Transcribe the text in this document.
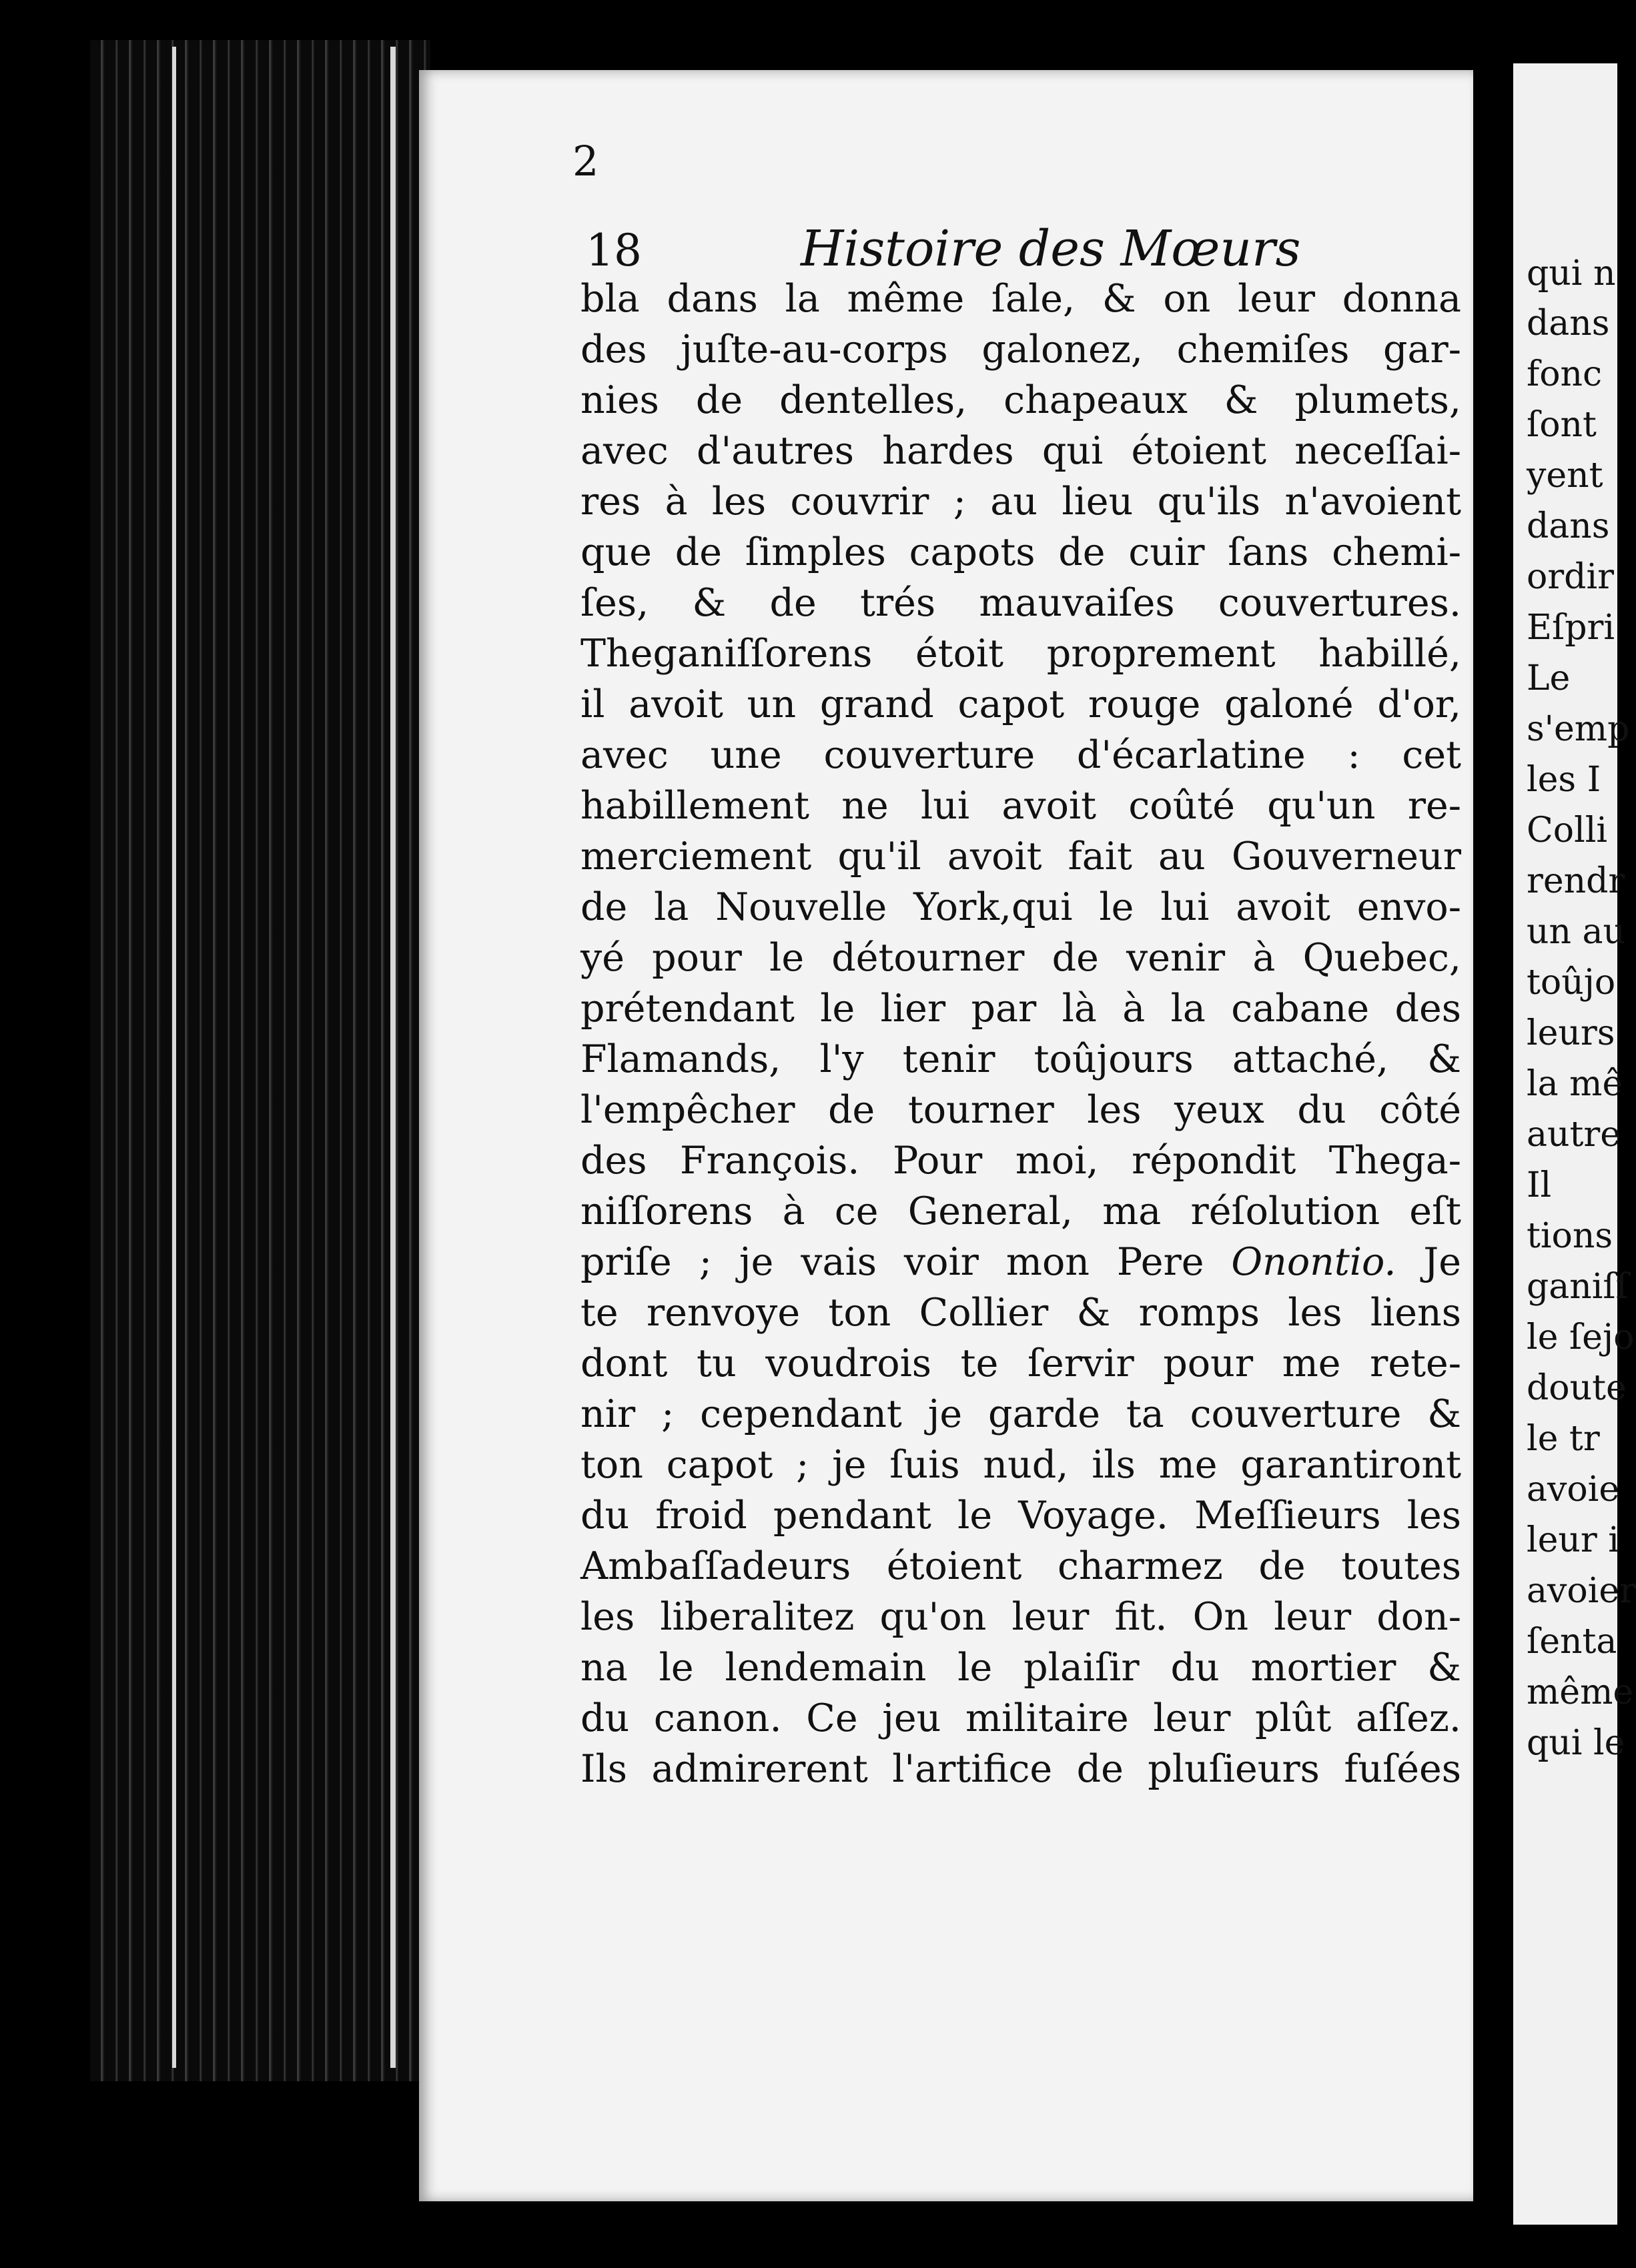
2
18	Histoire des Mœurs
bla dans la même ſale, & on leur donna
des juſte-au-corps galonez, chemiſes gar-
nies de dentelles, chapeaux & plumets,
avec d'autres hardes qui étoient neceſſai-
res à les couvrir ; au lieu qu'ils n'avoient
que de ſimples capots de cuir ſans chemi-
ſes, & de trés mauvaiſes couvertures.
Theganiſſorens étoit proprement habillé,
il avoit un grand capot rouge galoné d'or,
avec une couverture d'écarlatine : cet
habillement ne lui avoit coûté qu'un re-
merciement qu'il avoit fait au Gouverneur
de la Nouvelle York,qui le lui avoit envo-
yé pour le détourner de venir à Quebec,
prétendant le lier par là à la cabane des
Flamands, l'y tenir toûjours attaché, &
l'empêcher de tourner les yeux du côté
des François. Pour moi, répondit Thega-
niſſorens à ce General, ma réſolution eſt
priſe ; je vais voir mon Pere Onontio. Je
te renvoye ton Collier & romps les liens
dont tu voudrois te ſervir pour me rete-
nir ; cependant je garde ta couverture &
ton capot ; je ſuis nud, ils me garantiront
du froid pendant le Voyage. Meſſieurs les
Ambaſſadeurs étoient charmez de toutes
les liberalitez qu'on leur fit. On leur don-
na le lendemain le plaiſir du mortier &
du canon. Ce jeu militaire leur plût aſſez.
Ils admirerent l'artifice de pluſieurs fuſées
qui n
dans
fonc
ſont
yent
dans
ordir
Eſpri
Le
s'emp
les I
Colli
rendr
un au
toûjo
leurs
la mê
autre
Il
tions
ganiſſ
le ſejo
doute
le tr
avoie
leur i
avoier
ſenta
même
qui le
